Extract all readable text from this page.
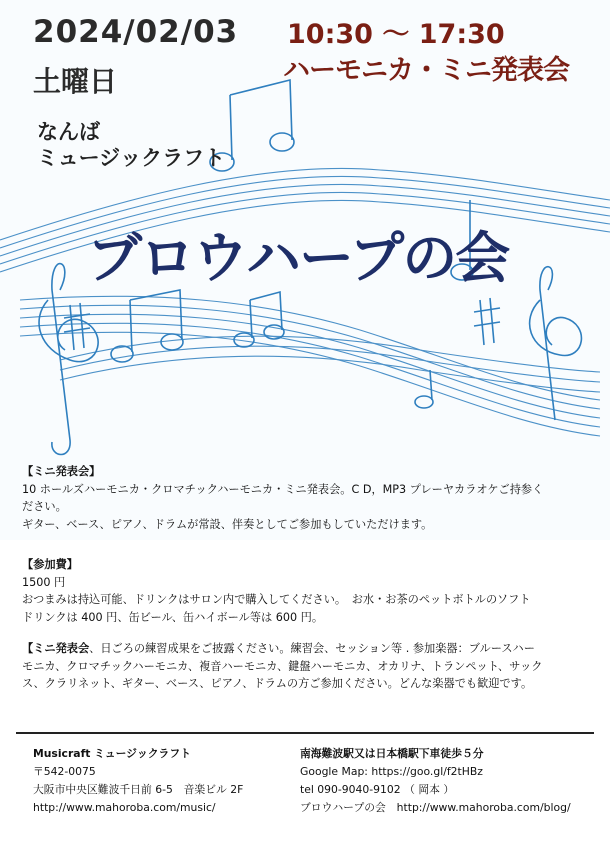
2024/02/03
土曜日
10:30 ～ 17:30
ハーモニカ・ミニ発表会
なんば
ミュージックラフト
ブロウハープの会
【ミニ発表会】
10 ホールズハーモニカ・クロマチックハーモニカ・ミニ発表会。C D，MP3 プレーヤカラオケご持参く
ださい。
ギター、ベース、ピアノ、ドラムが常設、伴奏としてご参加もしていただけます。
【参加費】
1500 円
おつまみは持込可能、ドリンクはサロン内で購入してください。　お水・お茶のペットボトルのソフト
ドリンクは 400 円、缶ビール、缶ハイボール等は 600 円。
【ミニ発表会、日ごろの練習成果をご披露ください。練習会、セッション等 . 参加楽器：ブルースハー
モニカ、クロマチックハーモニカ、複音ハーモニカ、鍵盤ハーモニカ、オカリナ、トランペット、サック
ス、クラリネット、ギター、ベース、ピアノ、ドラムの方ご参加ください。どんな楽器でも歓迎です。
Musicraft ミュージックラフト
〒542-0075
大阪市中央区難波千日前 6-5　音楽ビル 2F
http://www.mahoroba.com/music/
南海難波駅又は日本橋駅下車徒歩５分
Google Map: https://goo.gl/f2tHBz
tel 090-9040-9102 （ 岡本 ）
ブロウハープの会　http://www.mahoroba.com/blog/
